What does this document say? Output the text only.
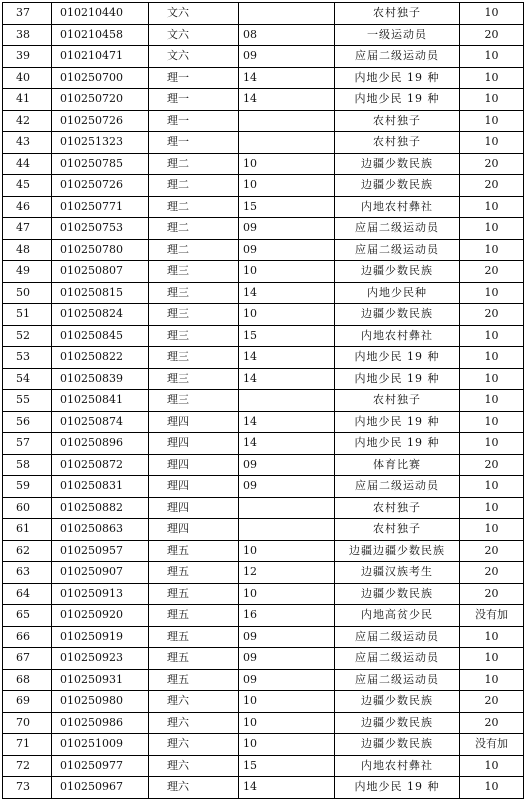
37	010210440	文六		农村独子	10
38	010210458	文六	08	一级运动员	20
39	010210471	文六	09	应届二级运动员	10
40	010250700	理一	14	内地少民 19 种	10
41	010250720	理一	14	内地少民 19 种	10
42	010250726	理一		农村独子	10
43	010251323	理一		农村独子	10
44	010250785	理二	10	边疆少数民族	20
45	010250726	理二	10	边疆少数民族	20
46	010250771	理二	15	内地农村彝社	10
47	010250753	理二	09	应届二级运动员	10
48	010250780	理二	09	应届二级运动员	10
49	010250807	理三	10	边疆少数民族	20
50	010250815	理三	14	内地少民种	10
51	010250824	理三	10	边疆少数民族	20
52	010250845	理三	15	内地农村彝社	10
53	010250822	理三	14	内地少民 19 种	10
54	010250839	理三	14	内地少民 19 种	10
55	010250841	理三		农村独子	10
56	010250874	理四	14	内地少民 19 种	10
57	010250896	理四	14	内地少民 19 种	10
58	010250872	理四	09	体育比赛	20
59	010250831	理四	09	应届二级运动员	10
60	010250882	理四		农村独子	10
61	010250863	理四		农村独子	10
62	010250957	理五	10	边疆边疆少数民族	20
63	010250907	理五	12	边疆汉族考生	20
64	010250913	理五	10	边疆少数民族	20
65	010250920	理五	16	内地高贫少民	没有加
66	010250919	理五	09	应届二级运动员	10
67	010250923	理五	09	应届二级运动员	10
68	010250931	理五	09	应届二级运动员	10
69	010250980	理六	10	边疆少数民族	20
70	010250986	理六	10	边疆少数民族	20
71	010251009	理六	10	边疆少数民族	没有加
72	010250977	理六	15	内地农村彝社	10
73	010250967	理六	14	内地少民 19 种	10
